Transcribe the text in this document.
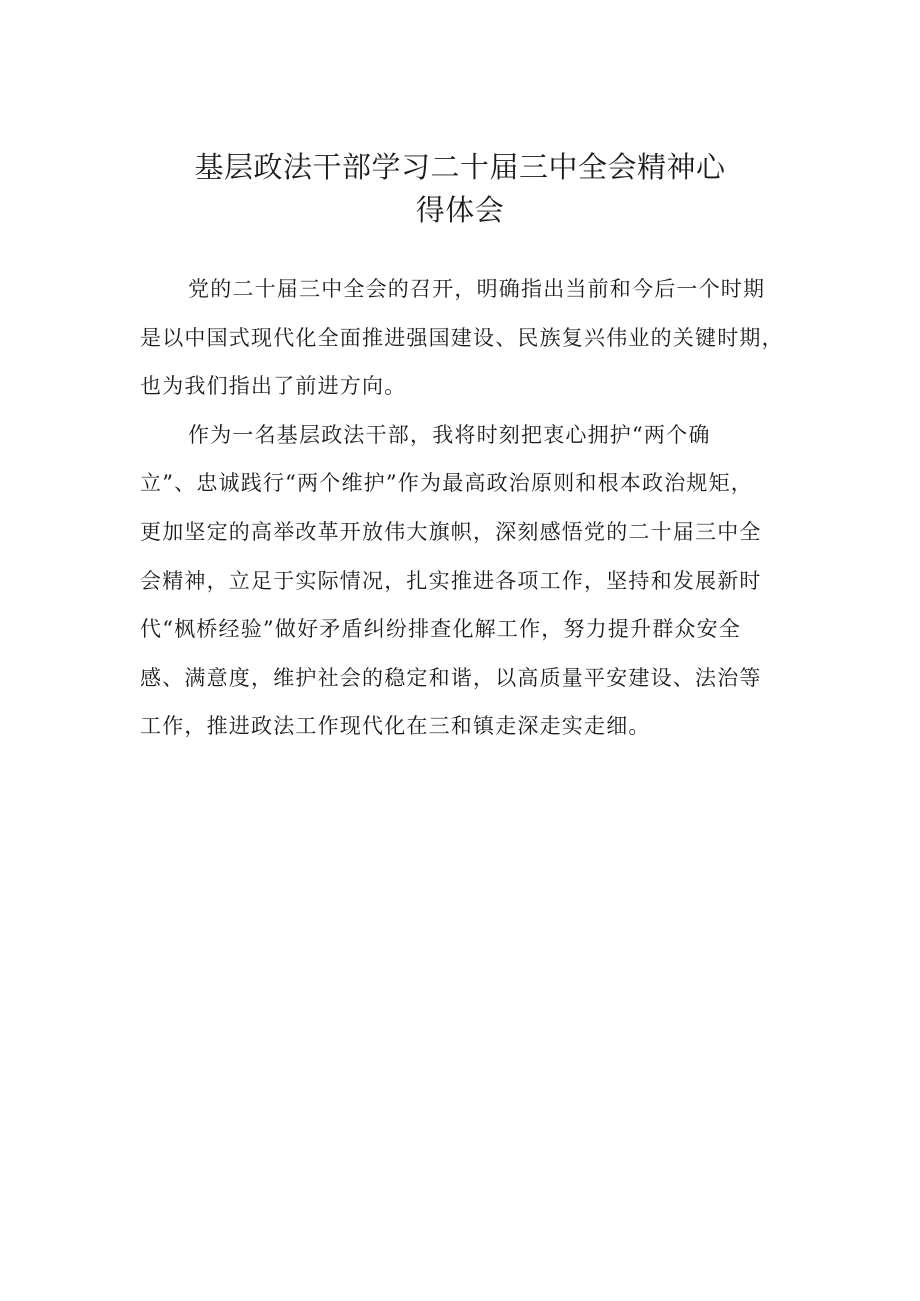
基层政法干部学习二十届三中全会精神心
得体会
党的二十届三中全会的召开，明确指出当前和今后一个时期
是以中国式现代化全面推进强国建设、民族复兴伟业的关键时期，
也为我们指出了前进方向。
作为一名基层政法干部，我将时刻把衷心拥护“两个确
立”、忠诚践行“两个维护”作为最高政治原则和根本政治规矩，
更加坚定的高举改革开放伟大旗帜，深刻感悟党的二十届三中全
会精神，立足于实际情况，扎实推进各项工作，坚持和发展新时
代“枫桥经验”做好矛盾纠纷排查化解工作，努力提升群众安全
感、满意度，维护社会的稳定和谐，以高质量平安建设、法治等
工作，推进政法工作现代化在三和镇走深走实走细。
